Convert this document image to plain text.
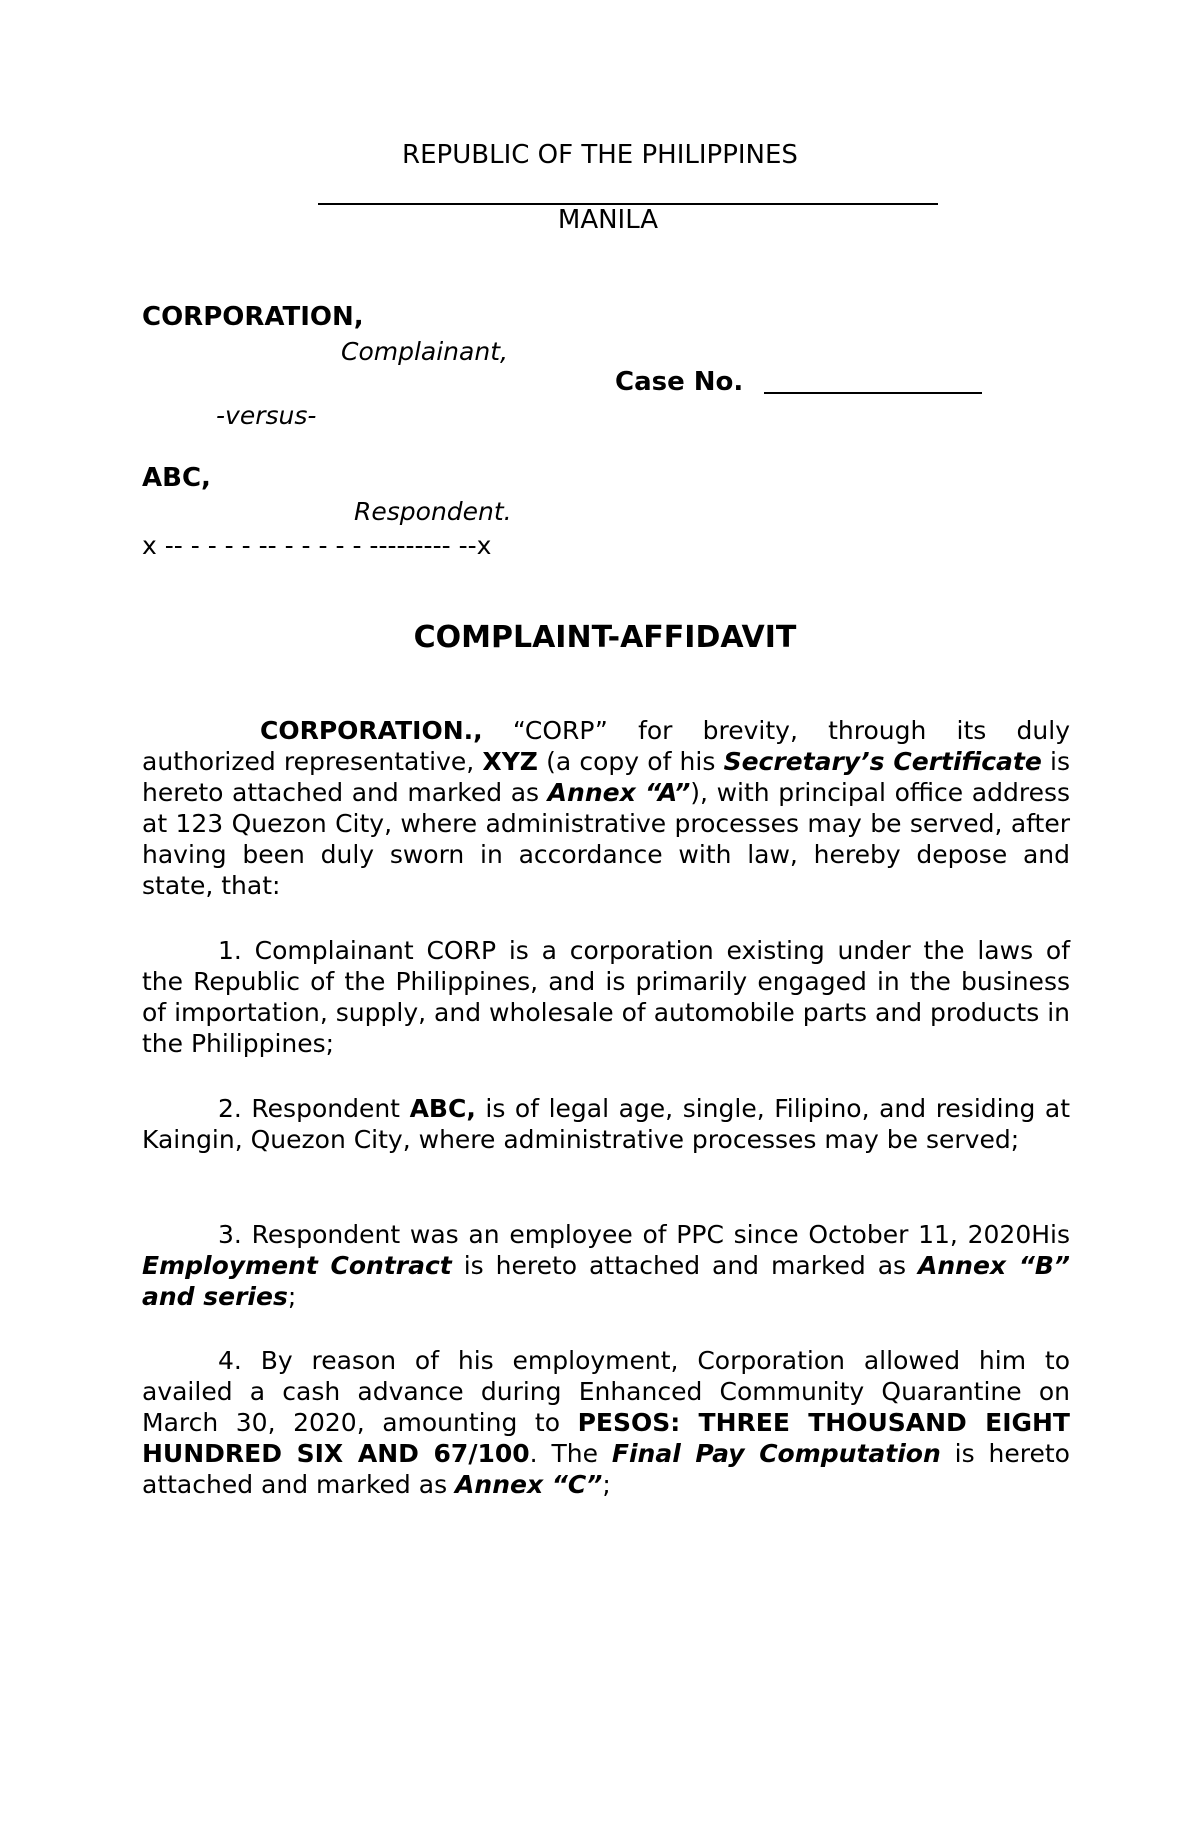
REPUBLIC OF THE PHILIPPINES
MANILA
CORPORATION,
Complainant,
Case No.
-versus-
ABC,
Respondent.
x -- - - - - -- - - - - - --------- --x
COMPLAINT-AFFIDAVIT
CORPORATION., “CORP” for brevity, through its duly authorized representative, XYZ (a copy of his Secretary’s Certificate is hereto attached and marked as Annex “A”), with principal office address at 123 Quezon City, where administrative processes may be served, after having been duly sworn in accordance with law, hereby depose and state, that:
1. Complainant CORP is a corporation existing under the laws of the Republic of the Philippines, and is primarily engaged in the business of importation, supply, and wholesale of automobile parts and products in the Philippines;
2. Respondent ABC, is of legal age, single, Filipino, and residing at Kaingin, Quezon City, where administrative processes may be served;
3. Respondent was an employee of PPC since October 11, 2020His Employment Contract is hereto attached and marked as Annex “B” and series;
4. By reason of his employment, Corporation allowed him to availed a cash advance during Enhanced Community Quarantine on March 30, 2020, amounting to PESOS: THREE THOUSAND EIGHT HUNDRED SIX AND 67/100. The Final Pay Computation is hereto attached and marked as Annex “C”;
